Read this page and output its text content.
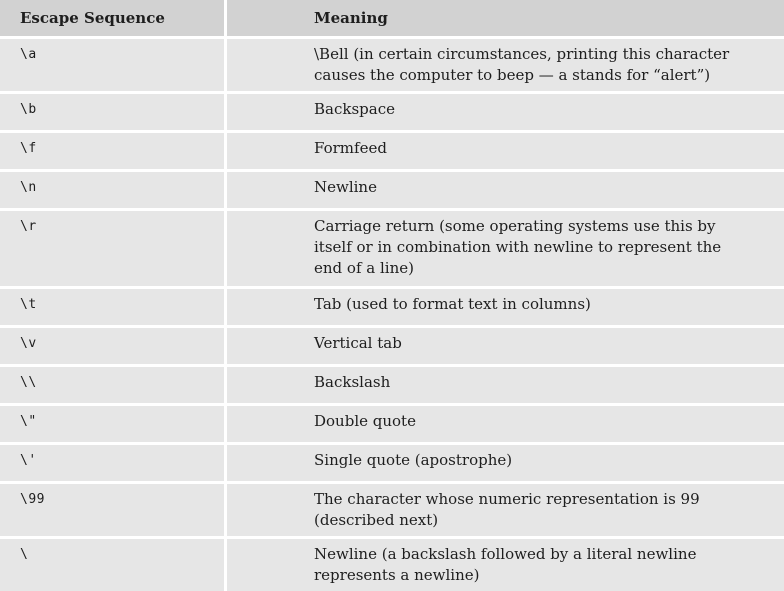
Escape Sequence	Meaning
\a	\Bell (in certain circumstances, printing this character causes the computer to beep — a stands for “alert”)
\b	Backspace
\f	Formfeed
\n	Newline
\r	Carriage return (some operating systems use this by itself or in combination with newline to represent the end of a line)
\t	Tab (used to format text in columns)
\v	Vertical tab
\\	Backslash
\"	Double quote
\'	Single quote (apostrophe)
\99	The character whose numeric representation is 99 (described next)
\	Newline (a backslash followed by a literal newline represents a newline)
